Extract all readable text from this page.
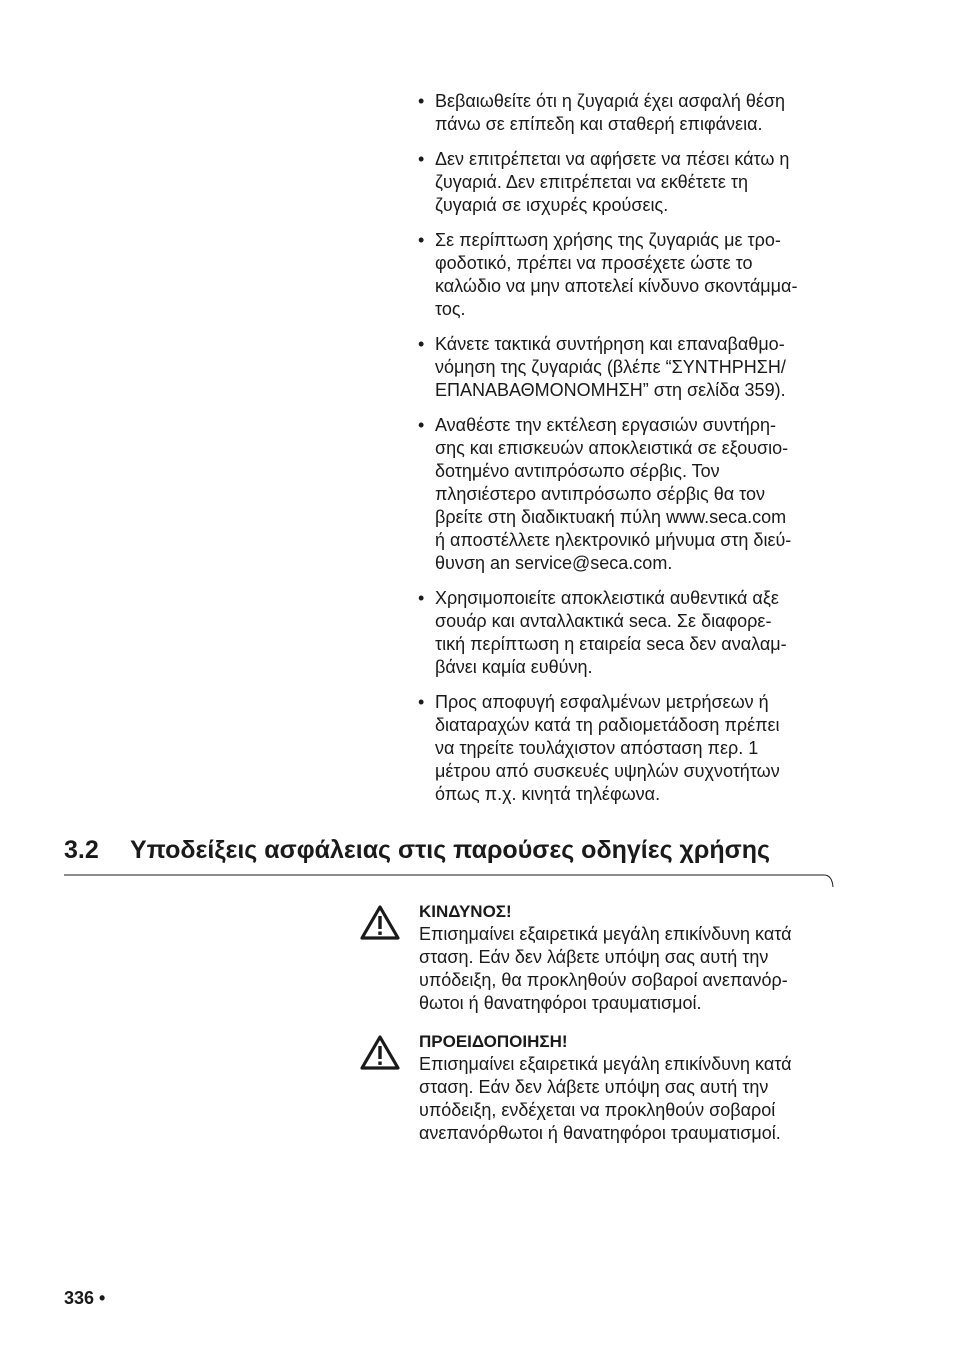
• Βεβαιωθείτε ότι η ζυγαριά έχει ασφαλή θέση
πάνω σε επίπεδη και σταθερή επιφάνεια.
• Δεν επιτρέπεται να αφήσετε να πέσει κάτω η
ζυγαριά. Δεν επιτρέπεται να εκθέτετε τη
ζυγαριά σε ισχυρές κρούσεις.
• Σε περίπτωση χρήσης της ζυγαριάς με τρο-
φοδοτικό, πρέπει να προσέχετε ώστε το
καλώδιο να μην αποτελεί κίνδυνο σκοντάμμα-
τος.
• Κάνετε τακτικά συντήρηση και επαναβαθμο-
νόμηση της ζυγαριάς (βλέπε “ΣΥΝΤΗΡΗΣΗ/
ΕΠΑΝΑΒΑΘΜΟΝΟΜΗΣΗ” στη σελίδα 359).
• Αναθέστε την εκτέλεση εργασιών συντήρη-
σης και επισκευών αποκλειστικά σε εξουσιο-
δοτημένο αντιπρόσωπο σέρβις. Τον
πλησιέστερο αντιπρόσωπο σέρβις θα τον
βρείτε στη διαδικτυακή πύλη www.seca.com
ή αποστέλλετε ηλεκτρονικό μήνυμα στη διεύ-
θυνση an service@seca.com.
• Χρησιμοποιείτε αποκλειστικά αυθεντικά αξε
σουάρ και ανταλλακτικά seca. Σε διαφορε-
τική περίπτωση η εταιρεία seca δεν αναλαμ-
βάνει καμία ευθύνη.
• Προς αποφυγή εσφαλμένων μετρήσεων ή
διαταραχών κατά τη ραδιομετάδοση πρέπει
να τηρείτε τουλάχιστον απόσταση περ. 1
μέτρου από συσκευές υψηλών συχνοτήτων
όπως π.χ. κινητά τηλέφωνα.
3.2 Υποδείξεις ασφάλειας στις παρούσες οδηγίες χρήσης
ΚΙΝΔΥΝΟΣ!
Επισημαίνει εξαιρετικά μεγάλη επικίνδυνη κατά
σταση. Εάν δεν λάβετε υπόψη σας αυτή την
υπόδειξη, θα προκληθούν σοβαροί ανεπανόρ-
θωτοι ή θανατηφόροι τραυματισμοί.
ΠΡΟΕΙΔΟΠΟΙΗΣΗ!
Επισημαίνει εξαιρετικά μεγάλη επικίνδυνη κατά
σταση. Εάν δεν λάβετε υπόψη σας αυτή την
υπόδειξη, ενδέχεται να προκληθούν σοβαροί
ανεπανόρθωτοι ή θανατηφόροι τραυματισμοί.
336 •
